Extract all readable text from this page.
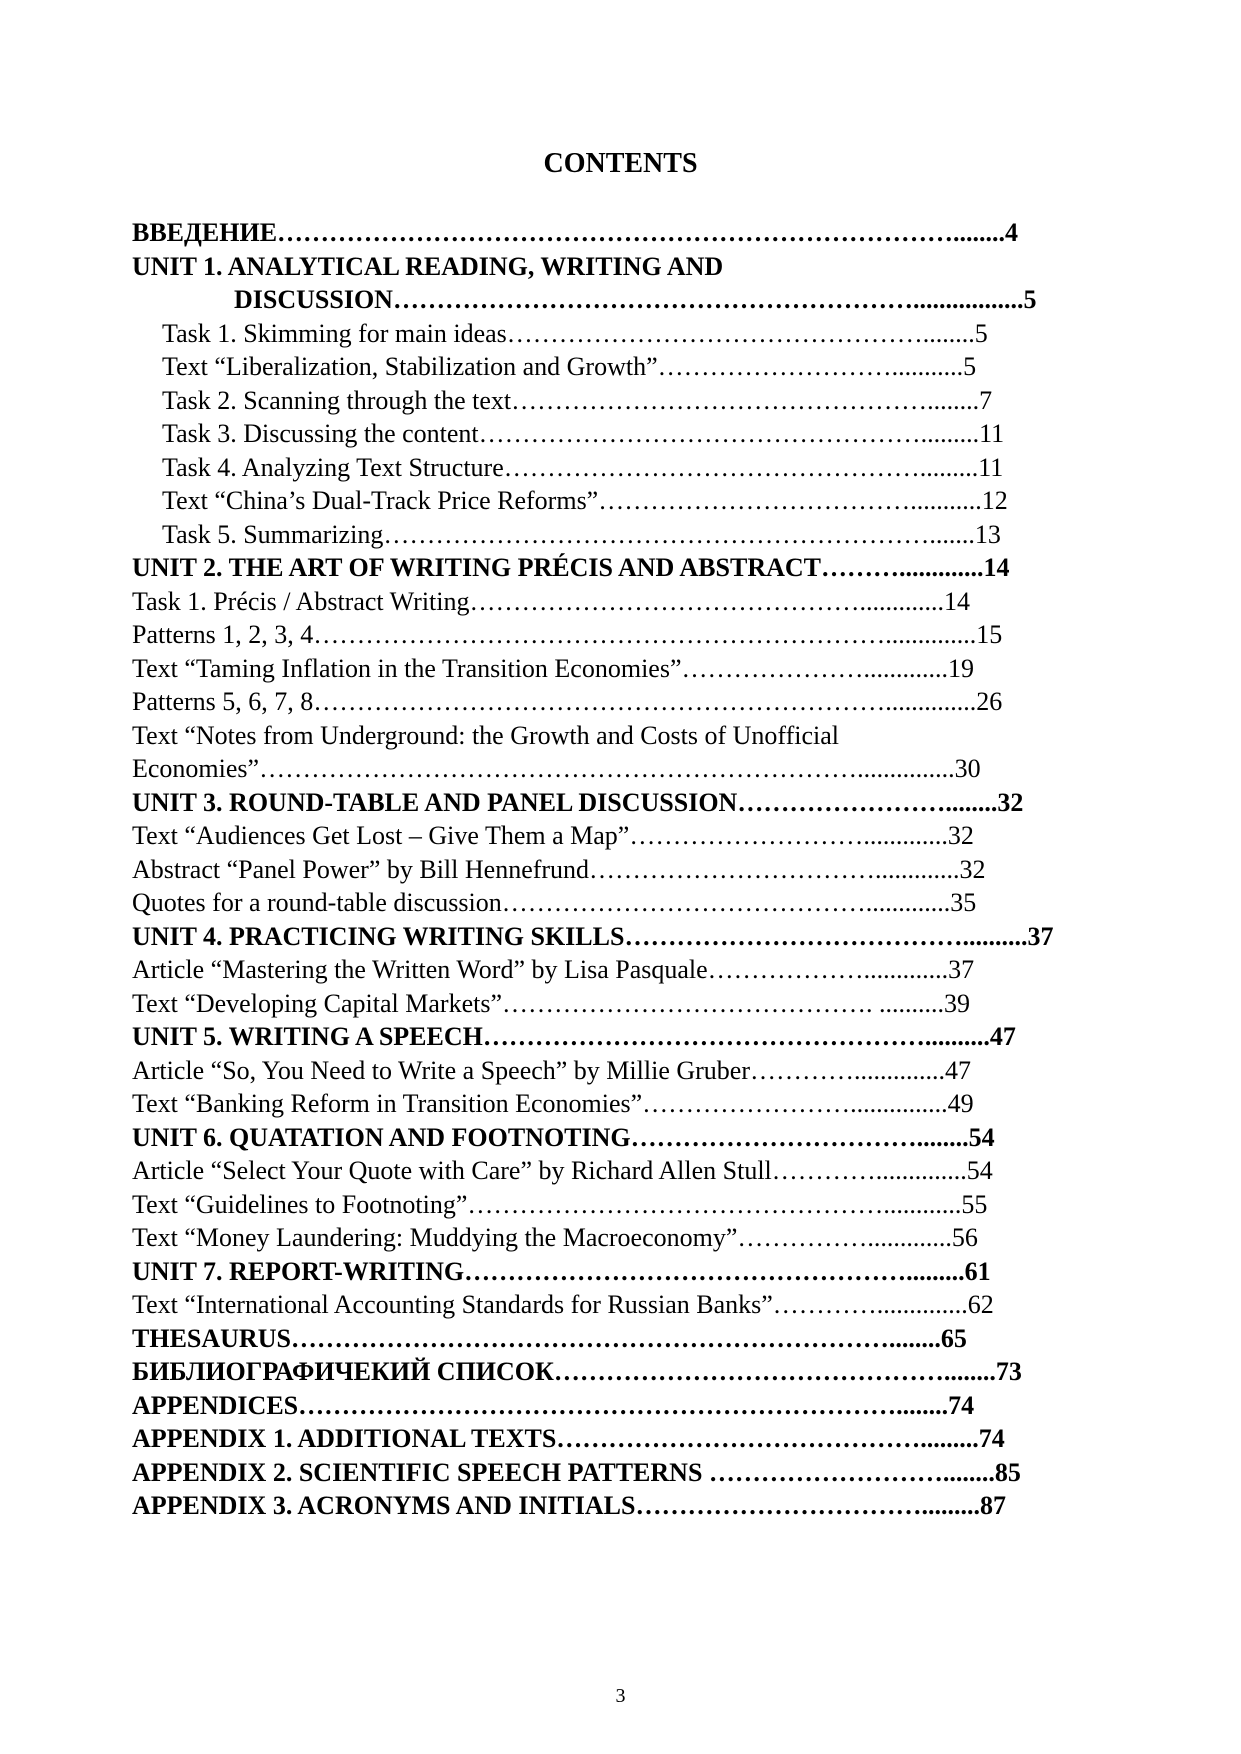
CONTENTS
ВВЕДЕНИЕ……………………………………………………………………........4
UNIT 1. ANALYTICAL READING, WRITING AND
DISCUSSION…………………………………………………….................5
Task 1. Skimming for main ideas…………………………………………........5
Text “Liberalization, Stabilization and Growth”………………………...........5
Task 2. Scanning through the text…………………………………………........7
Task 3. Discussing the content…………………………………………….........11
Task 4. Analyzing Text Structure………………………………………….........11
Text “China’s Dual-Track Price Reforms”………………………………...........12
Task 5. Summarizing……………………………………………………….......13
UNIT 2. THE ART OF WRITING PRÉCIS AND ABSTRACT……….............14
Task 1. Précis / Abstract Writing……………………………………….............14
Patterns 1, 2, 3, 4…………………………………………………………..............15
Text “Taming Inflation in the Transition Economies”………………….............19
Patterns 5, 6, 7, 8…………………………………………………………..............26
Text “Notes from Underground: the Growth and Costs of Unofficial
Economies”……………………………………………………………...............30
UNIT 3. ROUND-TABLE AND PANEL DISCUSSION……………………........32
Text “Audiences Get Lost – Give Them a Map”……………………….............32
Abstract “Panel Power” by Bill Hennefrund…………………………….............32
Quotes for a round-table discussion…………………………………….............35
UNIT 4. PRACTICING WRITING SKILLS…………………………………..........37
Article “Mastering the Written Word” by Lisa Pasquale……………….............37
Text “Developing Capital Markets”……………………………………. ..........39
UNIT 5. WRITING A SPEECH……………………………………………..........47
Article “So, You Need to Write a Speech” by Millie Gruber…………..............47
Text “Banking Reform in Transition Economies”……………………...............49
UNIT 6. QUATATION AND FOOTNOTING……………………………........54
Article “Select Your Quote with Care” by Richard Allen Stull…………..............54
Text “Guidelines to Footnoting”…………………………………………............55
Text “Money Laundering: Muddying the Macroeconomy”…………….............56
UNIT 7. REPORT-WRITING…………………………………………….........61
Text “International Accounting Standards for Russian Banks”…………..............62
THESAURUS……………………………………………………………........65
БИБЛИОГРАФИЧЕКИЙ СПИСОК………………………………………........73
APPENDICES……………………………………………………………........74
APPENDIX 1. ADDITIONAL TEXTS…………………………………….........74
APPENDIX 2. SCIENTIFIC SPEECH PATTERNS ………………………........85
APPENDIX 3. ACRONYMS AND INITIALS…………………………….........87
3
